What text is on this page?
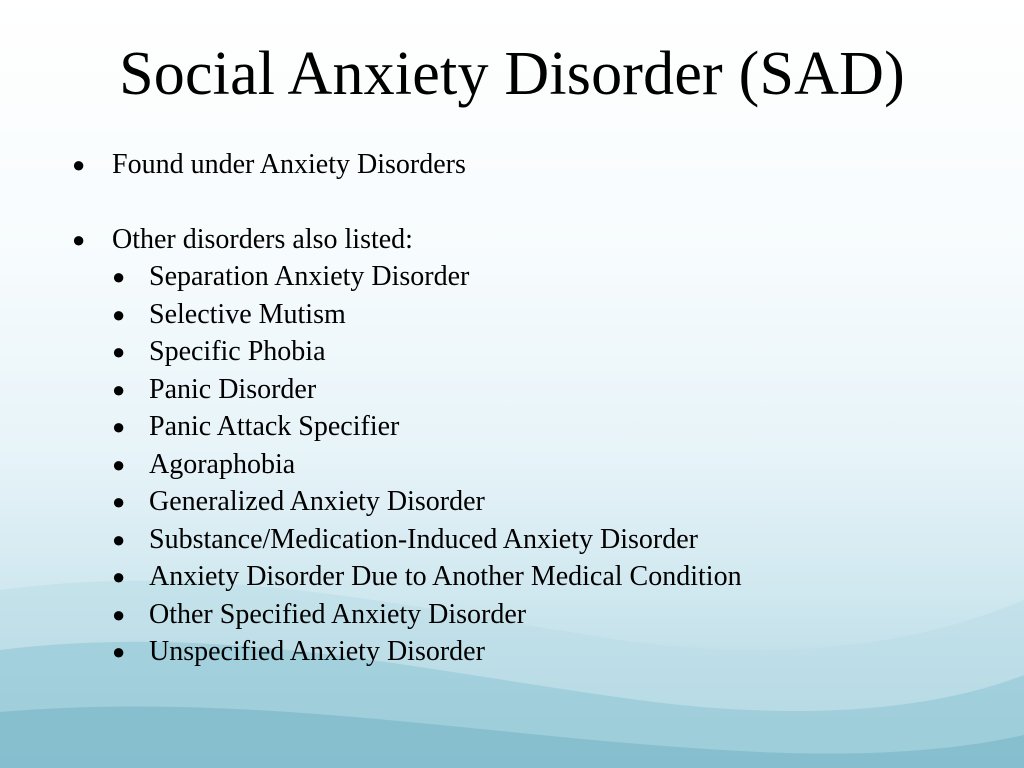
Social Anxiety Disorder (SAD)
● Found under Anxiety Disorders
● Other disorders also listed:
● Separation Anxiety Disorder
● Selective Mutism
● Specific Phobia
● Panic Disorder
● Panic Attack Specifier
● Agoraphobia
● Generalized Anxiety Disorder
● Substance/Medication-Induced Anxiety Disorder
● Anxiety Disorder Due to Another Medical Condition
● Other Specified Anxiety Disorder
● Unspecified Anxiety Disorder
